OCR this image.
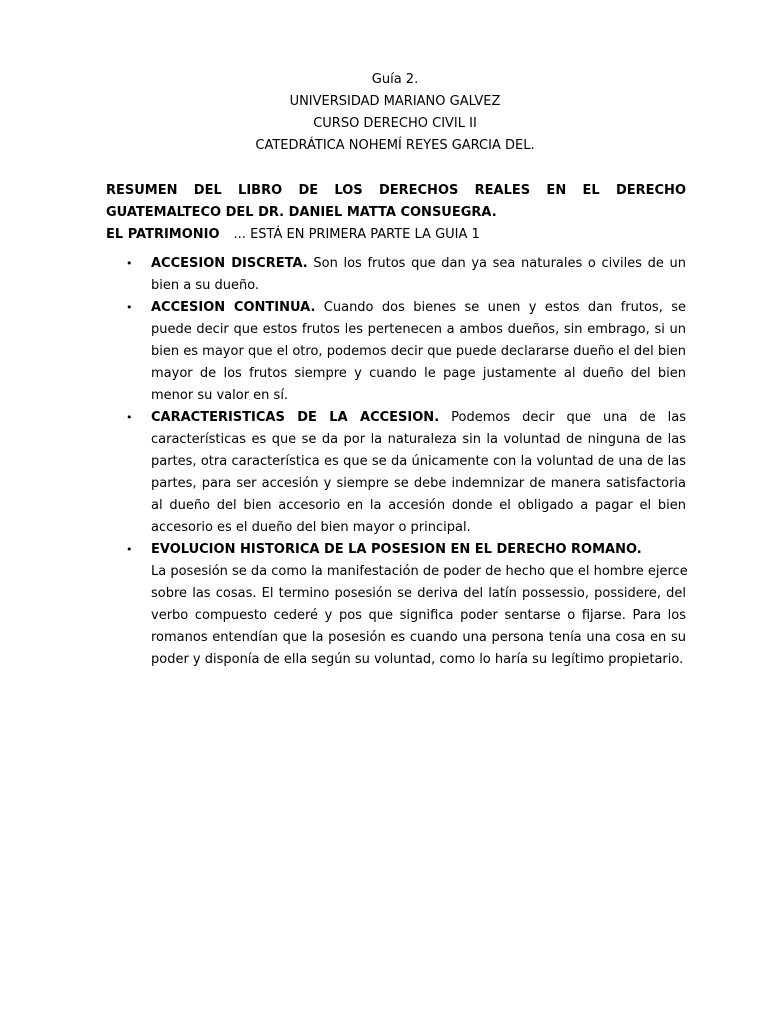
Guía 2.
UNIVERSIDAD MARIANO GALVEZ
CURSO DERECHO CIVIL II
CATEDRÁTICA NOHEMÍ REYES GARCIA DEL.
RESUMEN DEL LIBRO DE LOS DERECHOS REALES EN EL DERECHO
GUATEMALTECO DEL DR. DANIEL MATTA CONSUEGRA.
EL PATRIMONIO ... ESTÁ EN PRIMERA PARTE LA GUIA 1
• ACCESION DISCRETA. Son los frutos que dan ya sea naturales o civiles de un
bien a su dueño.
• ACCESION CONTINUA. Cuando dos bienes se unen y estos dan frutos, se
puede decir que estos frutos les pertenecen a ambos dueños, sin embrago, si un
bien es mayor que el otro, podemos decir que puede declararse dueño el del bien
mayor de los frutos siempre y cuando le page justamente al dueño del bien
menor su valor en sí.
• CARACTERISTICAS DE LA ACCESION. Podemos decir que una de las
características es que se da por la naturaleza sin la voluntad de ninguna de las
partes, otra característica es que se da únicamente con la voluntad de una de las
partes, para ser accesión y siempre se debe indemnizar de manera satisfactoria
al dueño del bien accesorio en la accesión donde el obligado a pagar el bien
accesorio es el dueño del bien mayor o principal.
• EVOLUCION HISTORICA DE LA POSESION EN EL DERECHO ROMANO.
La posesión se da como la manifestación de poder de hecho que el hombre ejerce
sobre las cosas. El termino posesión se deriva del latín possessio, possidere, del
verbo compuesto cederé y pos que significa poder sentarse o fijarse. Para los
romanos entendían que la posesión es cuando una persona tenía una cosa en su
poder y disponía de ella según su voluntad, como lo haría su legítimo propietario.
